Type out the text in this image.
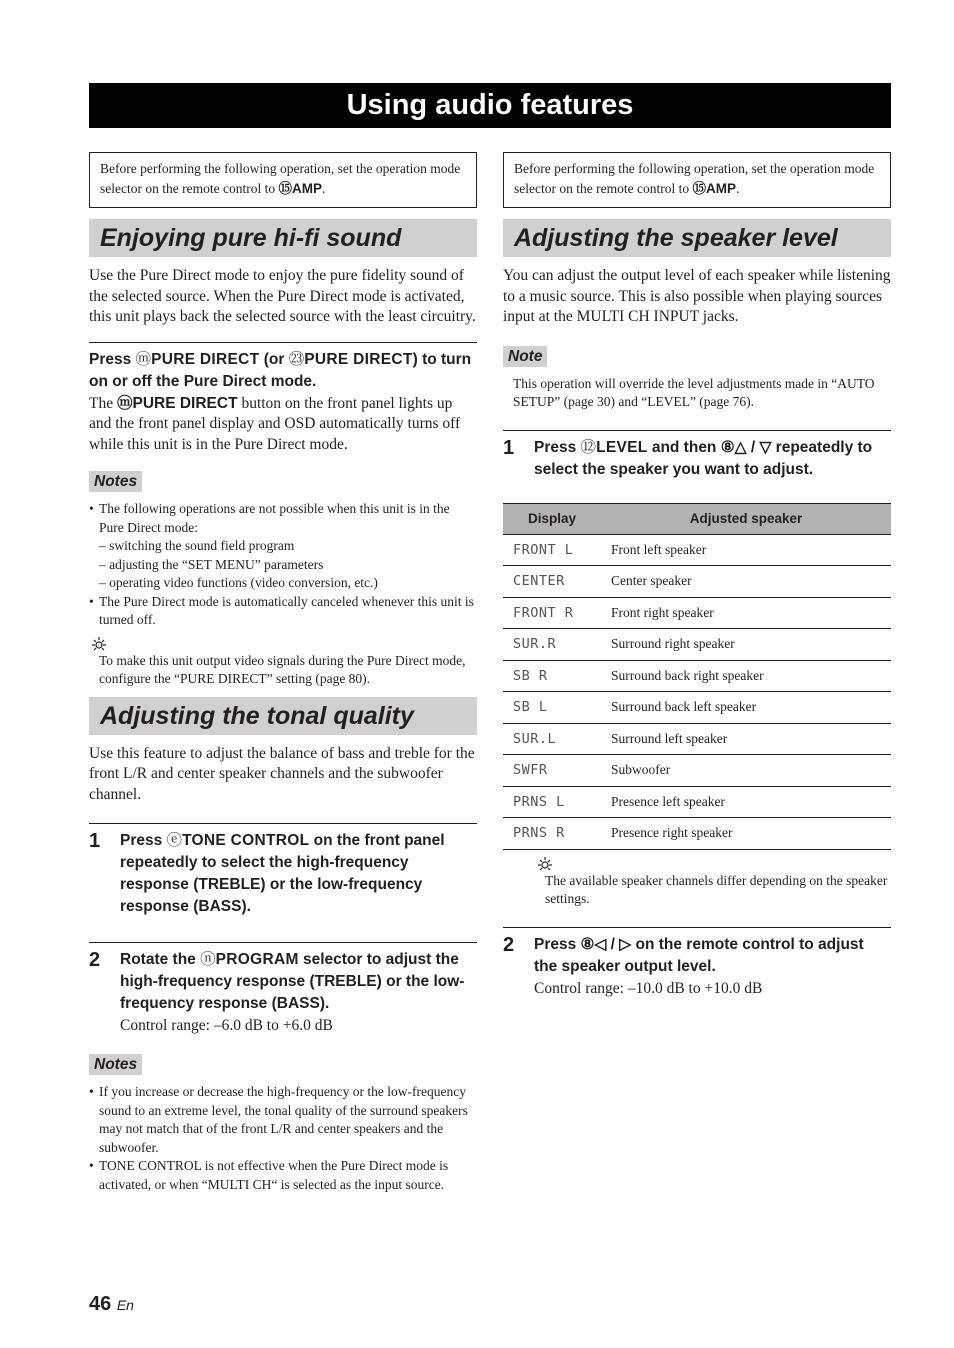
Using audio features
Before performing the following operation, set the operation mode selector on the remote control to ⑮AMP.
Enjoying pure hi-fi sound
Use the Pure Direct mode to enjoy the pure fidelity sound of the selected source. When the Pure Direct mode is activated, this unit plays back the selected source with the least circuitry.
Press ⓜPURE DIRECT (or ㉓PURE DIRECT) to turn on or off the Pure Direct mode.
The ⓜPURE DIRECT button on the front panel lights up and the front panel display and OSD automatically turns off while this unit is in the Pure Direct mode.
Notes
• The following operations are not possible when this unit is in the Pure Direct mode:
– switching the sound field program
– adjusting the “SET MENU” parameters
– operating video functions (video conversion, etc.)
• The Pure Direct mode is automatically canceled whenever this unit is turned off.
To make this unit output video signals during the Pure Direct mode, configure the “PURE DIRECT” setting (page 80).
Adjusting the tonal quality
Use this feature to adjust the balance of bass and treble for the front L/R and center speaker channels and the subwoofer channel.
1 Press ⓔTONE CONTROL on the front panel repeatedly to select the high-frequency response (TREBLE) or the low-frequency response (BASS).
2 Rotate the ⓝPROGRAM selector to adjust the high-frequency response (TREBLE) or the low-frequency response (BASS).
Control range: –6.0 dB to +6.0 dB
Notes
• If you increase or decrease the high-frequency or the low-frequency sound to an extreme level, the tonal quality of the surround speakers may not match that of the front L/R and center speakers and the subwoofer.
• TONE CONTROL is not effective when the Pure Direct mode is activated, or when “MULTI CH“ is selected as the input source.
Before performing the following operation, set the operation mode selector on the remote control to ⑮AMP.
Adjusting the speaker level
You can adjust the output level of each speaker while listening to a music source. This is also possible when playing sources input at the MULTI CH INPUT jacks.
Note
This operation will override the level adjustments made in “AUTO SETUP” (page 30) and “LEVEL” (page 76).
1 Press ⑫LEVEL and then ⑧△ / ▽ repeatedly to select the speaker you want to adjust.
Display	Adjusted speaker
FRONT L	Front left speaker
CENTER	Center speaker
FRONT R	Front right speaker
SUR.R	Surround right speaker
SB R	Surround back right speaker
SB L	Surround back left speaker
SUR.L	Surround left speaker
SWFR	Subwoofer
PRNS L	Presence left speaker
PRNS R	Presence right speaker
The available speaker channels differ depending on the speaker settings.
2 Press ⑧◁ / ▷ on the remote control to adjust the speaker output level.
Control range: –10.0 dB to +10.0 dB
46 En
